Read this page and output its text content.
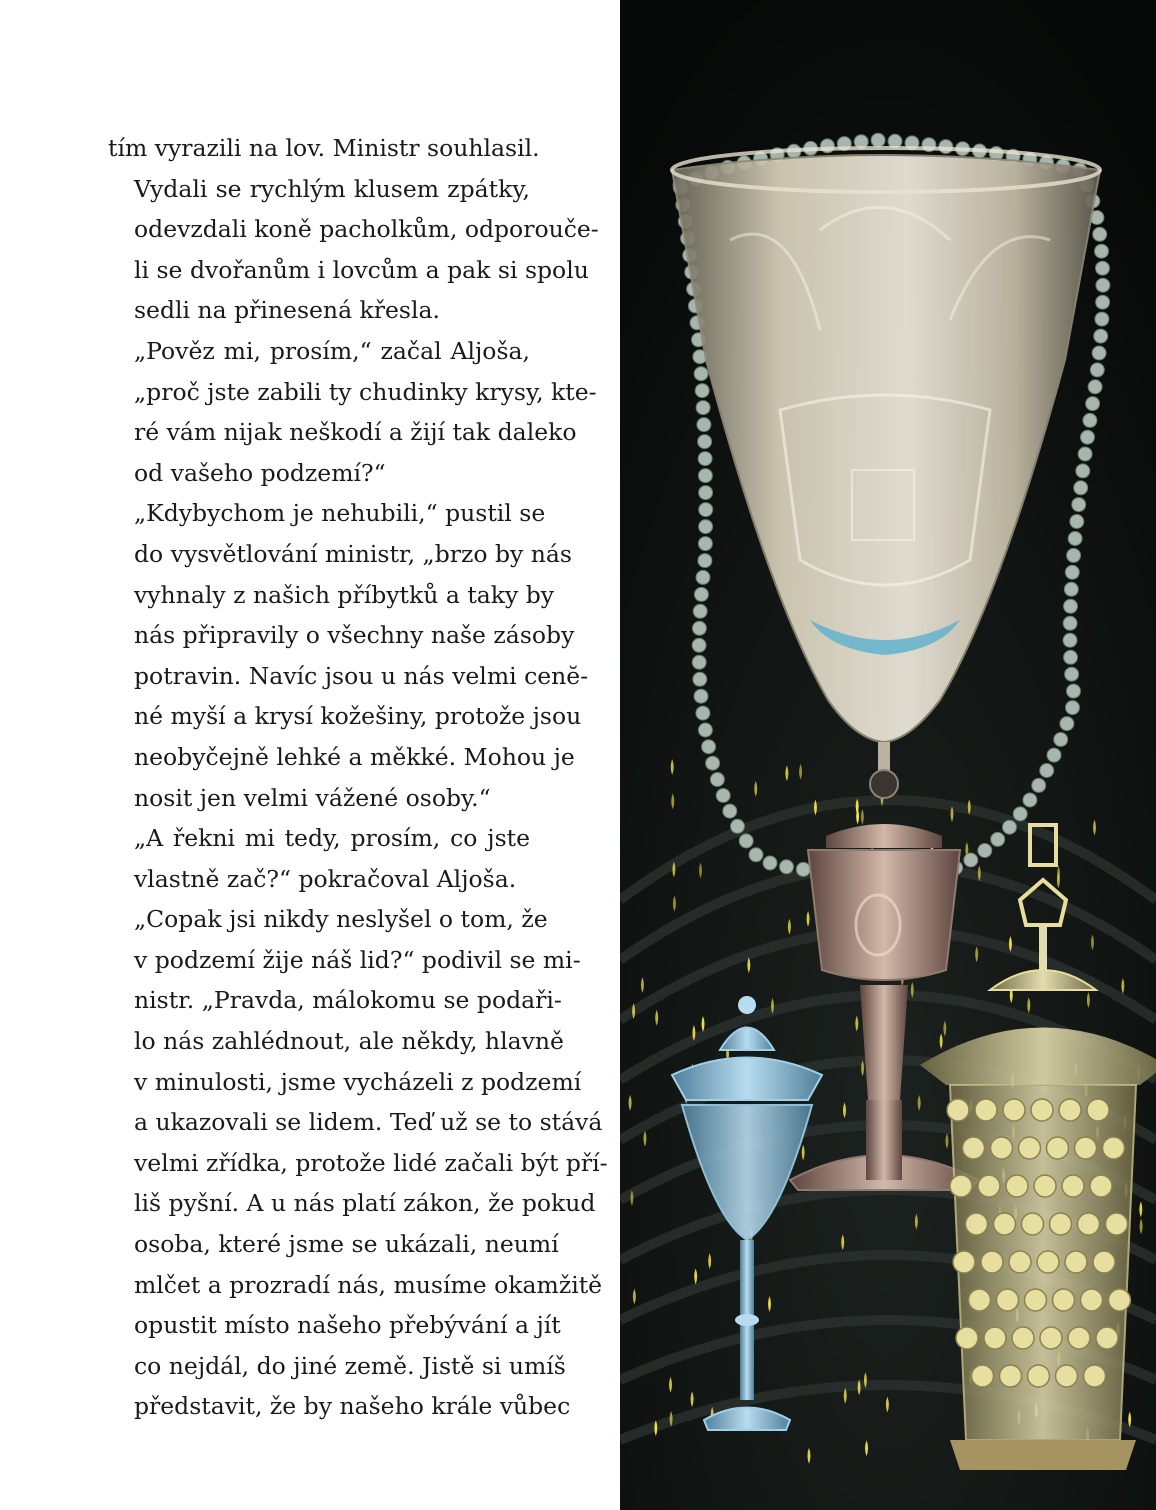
tím vyrazili na lov. Ministr souhlasil.

Vydali se rychlým klusem zpátky,
odevzdali koně pacholkům, odporouče-
li se dvořanům i lovcům a pak si spolu
sedli na přinesená křesla.

„Pověz mi, prosím,“ začal Aljoša,
„proč jste zabili ty chudinky krysy, kte-
ré vám nijak neškodí a žijí tak daleko
od vašeho podzemí?“

„Kdybychom je nehubili,“ pustil se
do vysvětlování ministr, „brzo by nás
vyhnaly z našich příbytků a taky by
nás připravily o všechny naše zásoby
potravin. Navíc jsou u nás velmi cenĕ-
né myší a krysí kožešiny, protože jsou
neobyčejně lehké a měkké. Mohou je
nosit jen velmi vážené osoby.“

„A řekni mi tedy, prosím, co jste
vlastně zač?“ pokračoval Aljoša.

„Copak jsi nikdy neslyšel o tom, že
v podzemí žije náš lid?“ podivil se mi-
nistr. „Pravda, málokomu se podaři-
lo nás zahlédnout, ale někdy, hlavně
v minulosti, jsme vycházeli z podzemí
a ukazovali se lidem. Teď už se to stává
velmi zřídka, protože lidé začali být pří-
liš pyšní. A u nás platí zákon, že pokud
osoba, které jsme se ukázali, neumí
mlčet a prozradí nás, musíme okamžitě
opustit místo našeho přebývání a jít
co nejdál, do jiné země. Jistě si umíš
představit, že by našeho krále vůbec
